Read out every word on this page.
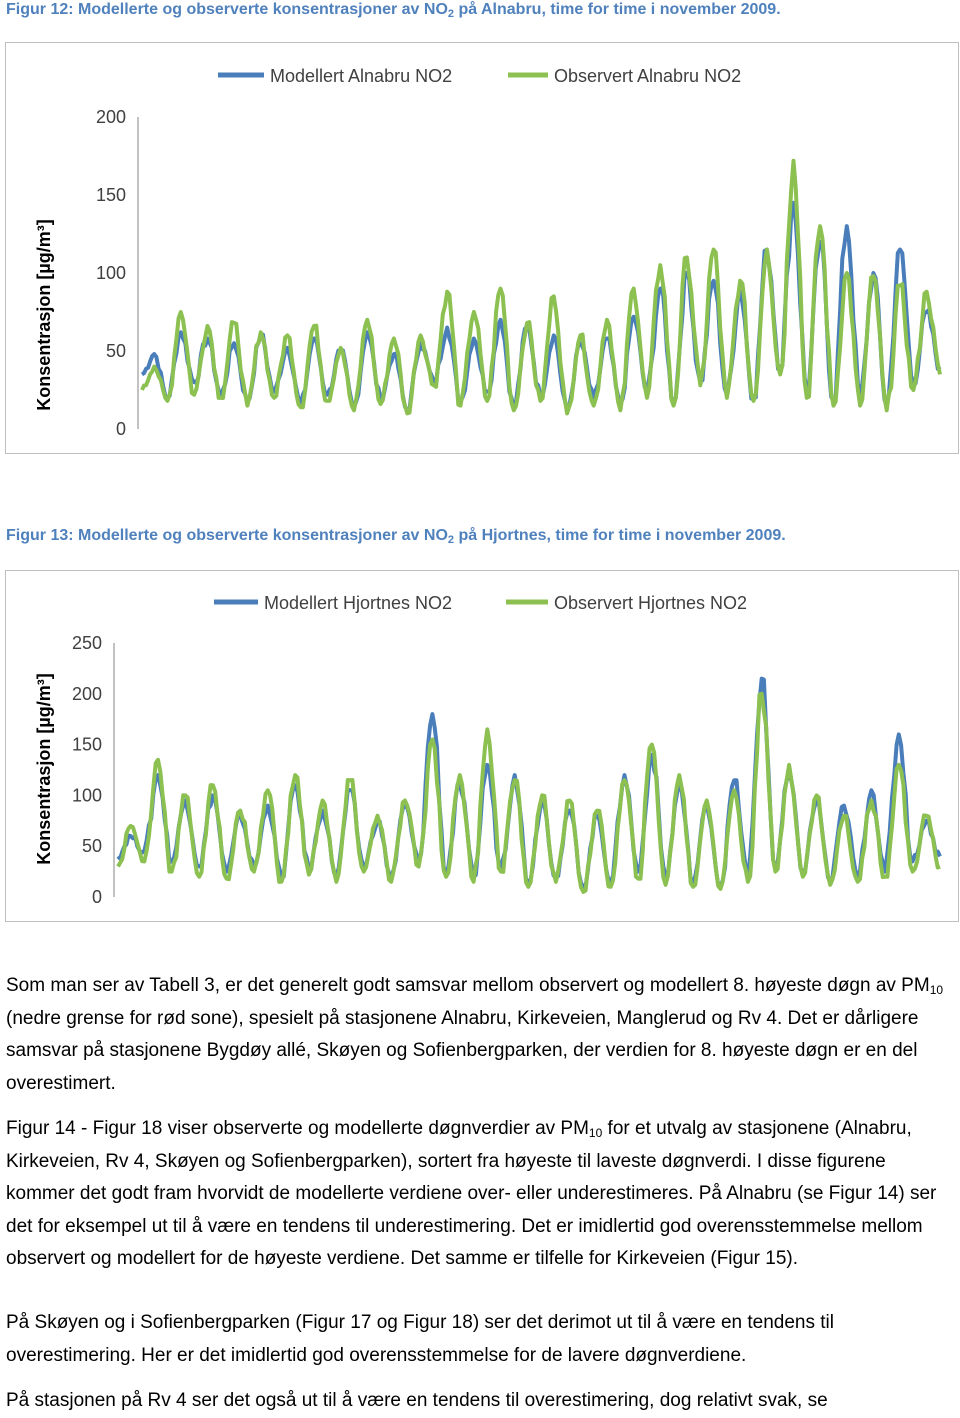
Figur 12: Modellerte og observerte konsentrasjoner av $NO_2$ på Alnabru, time for time i november 2009.
0
50
100
150
200
Konsentrasjon [µg/m³]
Modellert Alnabru NO2	Observert Alnabru NO2
Figur 13: Modellerte og observerte konsentrasjoner av $NO_2$ på Hjortnes, time for time i november 2009.
0
50
100
150
200
250
Konsentrasjon [µg/m³]
Modellert Hjortnes NO2	Observert Hjortnes NO2

Som man ser av Tabell 3, er det generelt godt samsvar mellom observert og modellert 8. høyeste døgn av $PM_{10}$ (nedre grense for rød sone), spesielt på stasjonene Alnabru, Kirkeveien, Manglerud og Rv 4. Det er dårligere samsvar på stasjonene Bygdøy allé, Skøyen og Sofienbergparken, der verdien for 8. høyeste døgn er en del overestimert.

Figur 14 - Figur 18 viser observerte og modellerte døgnverdier av $PM_{10}$ for et utvalg av stasjonene (Alnabru, Kirkeveien, Rv 4, Skøyen og Sofienbergparken), sortert fra høyeste til laveste døgnverdi. I disse figurene kommer det godt fram hvorvidt de modellerte verdiene over- eller underestimeres. På Alnabru (se Figur 14) ser det for eksempel ut til å være en tendens til underestimering. Det er imidlertid god overensstemmelse mellom observert og modellert for de høyeste verdiene. Det samme er tilfelle for Kirkeveien (Figur 15).

På Skøyen og i Sofienbergparken (Figur 17 og Figur 18) ser det derimot ut til å være en tendens til overestimering. Her er det imidlertid god overensstemmelse for de lavere døgnverdiene.

På stasjonen på Rv 4 ser det også ut til å være en tendens til overestimering, dog relativt svak, se
